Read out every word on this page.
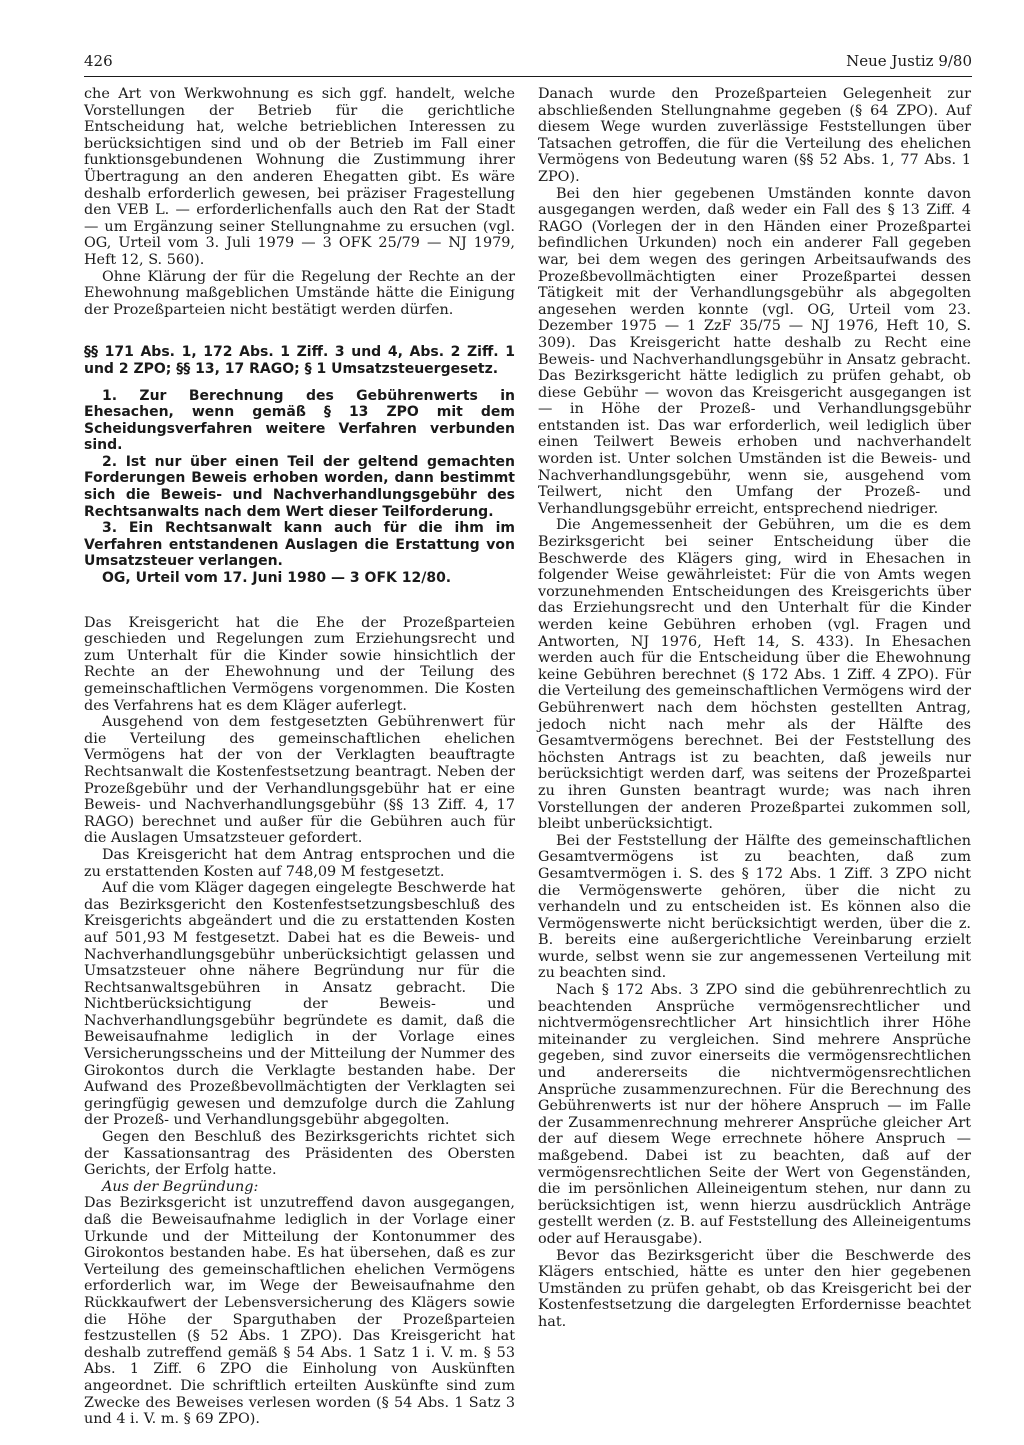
426	Neue Justiz 9/80

che Art von Werkwohnung es sich ggf. handelt, welche Vorstellungen der Betrieb für die gerichtliche Entscheidung hat, welche betrieblichen Interessen zu berücksichtigen sind und ob der Betrieb im Fall einer funktionsgebundenen Wohnung die Zustimmung ihrer Übertragung an den anderen Ehegatten gibt. Es wäre deshalb erforderlich gewesen, bei präziser Fragestellung den VEB L. — erforderlichenfalls auch den Rat der Stadt — um Ergänzung seiner Stellungnahme zu ersuchen (vgl. OG, Urteil vom 3. Juli 1979 — 3 OFK 25/79 — NJ 1979, Heft 12, S. 560).

Ohne Klärung der für die Regelung der Rechte an der Ehewohnung maßgeblichen Umstände hätte die Einigung der Prozeßparteien nicht bestätigt werden dürfen.

§§ 171 Abs. 1, 172 Abs. 1 Ziff. 3 und 4, Abs. 2 Ziff. 1 und 2 ZPO; §§ 13, 17 RAGO; § 1 Umsatzsteuergesetz.

1. Zur Berechnung des Gebührenwerts in Ehesachen, wenn gemäß § 13 ZPO mit dem Scheidungsverfahren weitere Verfahren verbunden sind.

2. Ist nur über einen Teil der geltend gemachten Forderungen Beweis erhoben worden, dann bestimmt sich die Beweis- und Nachverhandlungsgebühr des Rechtsanwalts nach dem Wert dieser Teilforderung.

3. Ein Rechtsanwalt kann auch für die ihm im Verfahren entstandenen Auslagen die Erstattung von Umsatzsteuer verlangen.

OG, Urteil vom 17. Juni 1980 — 3 OFK 12/80.

Das Kreisgericht hat die Ehe der Prozeßparteien geschieden und Regelungen zum Erziehungsrecht und zum Unterhalt für die Kinder sowie hinsichtlich der Rechte an der Ehewohnung und der Teilung des gemeinschaftlichen Vermögens vorgenommen. Die Kosten des Verfahrens hat es dem Kläger auferlegt.

Ausgehend von dem festgesetzten Gebührenwert für die Verteilung des gemeinschaftlichen ehelichen Vermögens hat der von der Verklagten beauftragte Rechtsanwalt die Kostenfestsetzung beantragt. Neben der Prozeßgebühr und der Verhandlungsgebühr hat er eine Beweis- und Nachverhandlungsgebühr (§§ 13 Ziff. 4, 17 RAGO) berechnet und außer für die Gebühren auch für die Auslagen Umsatzsteuer gefordert.

Das Kreisgericht hat dem Antrag entsprochen und die zu erstattenden Kosten auf 748,09 M festgesetzt.

Auf die vom Kläger dagegen eingelegte Beschwerde hat das Bezirksgericht den Kostenfestsetzungsbeschluß des Kreisgerichts abgeändert und die zu erstattenden Kosten auf 501,93 M festgesetzt. Dabei hat es die Beweis- und Nachverhandlungsgebühr unberücksichtigt gelassen und Umsatzsteuer ohne nähere Begründung nur für die Rechtsanwaltsgebühren in Ansatz gebracht. Die Nichtberücksichtigung der Beweis- und Nachverhandlungsgebühr begründete es damit, daß die Beweisaufnahme lediglich in der Vorlage eines Versicherungsscheins und der Mitteilung der Nummer des Girokontos durch die Verklagte bestanden habe. Der Aufwand des Prozeßbevollmächtigten der Verklagten sei geringfügig gewesen und demzufolge durch die Zahlung der Prozeß- und Verhandlungsgebühr abgegolten.

Gegen den Beschluß des Bezirksgerichts richtet sich der Kassationsantrag des Präsidenten des Obersten Gerichts, der Erfolg hatte.

Aus der Begründung:

Das Bezirksgericht ist unzutreffend davon ausgegangen, daß die Beweisaufnahme lediglich in der Vorlage einer Urkunde und der Mitteilung der Kontonummer des Girokontos bestanden habe. Es hat übersehen, daß es zur Verteilung des gemeinschaftlichen ehelichen Vermögens erforderlich war, im Wege der Beweisaufnahme den Rückkaufwert der Lebensversicherung des Klägers sowie die Höhe der Sparguthaben der Prozeßparteien festzustellen (§ 52 Abs. 1 ZPO). Das Kreisgericht hat deshalb zutreffend gemäß § 54 Abs. 1 Satz 1 i. V. m. § 53 Abs. 1 Ziff. 6 ZPO die Einholung von Auskünften angeordnet. Die schriftlich erteilten Auskünfte sind zum Zwecke des Beweises verlesen worden (§ 54 Abs. 1 Satz 3 und 4 i. V. m. § 69 ZPO).

Danach wurde den Prozeßparteien Gelegenheit zur abschließenden Stellungnahme gegeben (§ 64 ZPO). Auf diesem Wege wurden zuverlässige Feststellungen über Tatsachen getroffen, die für die Verteilung des ehelichen Vermögens von Bedeutung waren (§§ 52 Abs. 1, 77 Abs. 1 ZPO).

Bei den hier gegebenen Umständen konnte davon ausgegangen werden, daß weder ein Fall des § 13 Ziff. 4 RAGO (Vorlegen der in den Händen einer Prozeßpartei befindlichen Urkunden) noch ein anderer Fall gegeben war, bei dem wegen des geringen Arbeitsaufwands des Prozeßbevollmächtigten einer Prozeßpartei dessen Tätigkeit mit der Verhandlungsgebühr als abgegolten angesehen werden konnte (vgl. OG, Urteil vom 23. Dezember 1975 — 1 ZzF 35/75 — NJ 1976, Heft 10, S. 309). Das Kreisgericht hatte deshalb zu Recht eine Beweis- und Nachverhandlungsgebühr in Ansatz gebracht. Das Bezirksgericht hätte lediglich zu prüfen gehabt, ob diese Gebühr — wovon das Kreisgericht ausgegangen ist — in Höhe der Prozeß- und Verhandlungsgebühr entstanden ist. Das war erforderlich, weil lediglich über einen Teilwert Beweis erhoben und nachverhandelt worden ist. Unter solchen Umständen ist die Beweis- und Nachverhandlungsgebühr, wenn sie, ausgehend vom Teilwert, nicht den Umfang der Prozeß- und Verhandlungsgebühr erreicht, entsprechend niedriger.

Die Angemessenheit der Gebühren, um die es dem Bezirksgericht bei seiner Entscheidung über die Beschwerde des Klägers ging, wird in Ehesachen in folgender Weise gewährleistet: Für die von Amts wegen vorzunehmenden Entscheidungen des Kreisgerichts über das Erziehungsrecht und den Unterhalt für die Kinder werden keine Gebühren erhoben (vgl. Fragen und Antworten, NJ 1976, Heft 14, S. 433). In Ehesachen werden auch für die Entscheidung über die Ehewohnung keine Gebühren berechnet (§ 172 Abs. 1 Ziff. 4 ZPO). Für die Verteilung des gemeinschaftlichen Vermögens wird der Gebührenwert nach dem höchsten gestellten Antrag, jedoch nicht nach mehr als der Hälfte des Gesamtvermögens berechnet. Bei der Feststellung des höchsten Antrags ist zu beachten, daß jeweils nur berücksichtigt werden darf, was seitens der Prozeßpartei zu ihren Gunsten beantragt wurde; was nach ihren Vorstellungen der anderen Prozeßpartei zukommen soll, bleibt unberücksichtigt.

Bei der Feststellung der Hälfte des gemeinschaftlichen Gesamtvermögens ist zu beachten, daß zum Gesamtvermögen i. S. des § 172 Abs. 1 Ziff. 3 ZPO nicht die Vermögenswerte gehören, über die nicht zu verhandeln und zu entscheiden ist. Es können also die Vermögenswerte nicht berücksichtigt werden, über die z. B. bereits eine außergerichtliche Vereinbarung erzielt wurde, selbst wenn sie zur angemessenen Verteilung mit zu beachten sind.

Nach § 172 Abs. 3 ZPO sind die gebührenrechtlich zu beachtenden Ansprüche vermögensrechtlicher und nichtvermögensrechtlicher Art hinsichtlich ihrer Höhe miteinander zu vergleichen. Sind mehrere Ansprüche gegeben, sind zuvor einerseits die vermögensrechtlichen und andererseits die nichtvermögensrechtlichen Ansprüche zusammenzurechnen. Für die Berechnung des Gebührenwerts ist nur der höhere Anspruch — im Falle der Zusammenrechnung mehrerer Ansprüche gleicher Art der auf diesem Wege errechnete höhere Anspruch — maßgebend. Dabei ist zu beachten, daß auf der vermögensrechtlichen Seite der Wert von Gegenständen, die im persönlichen Alleineigentum stehen, nur dann zu berücksichtigen ist, wenn hierzu ausdrücklich Anträge gestellt werden (z. B. auf Feststellung des Alleineigentums oder auf Herausgabe).

Bevor das Bezirksgericht über die Beschwerde des Klägers entschied, hätte es unter den hier gegebenen Umständen zu prüfen gehabt, ob das Kreisgericht bei der Kostenfestsetzung die dargelegten Erfordernisse beachtet hat.
